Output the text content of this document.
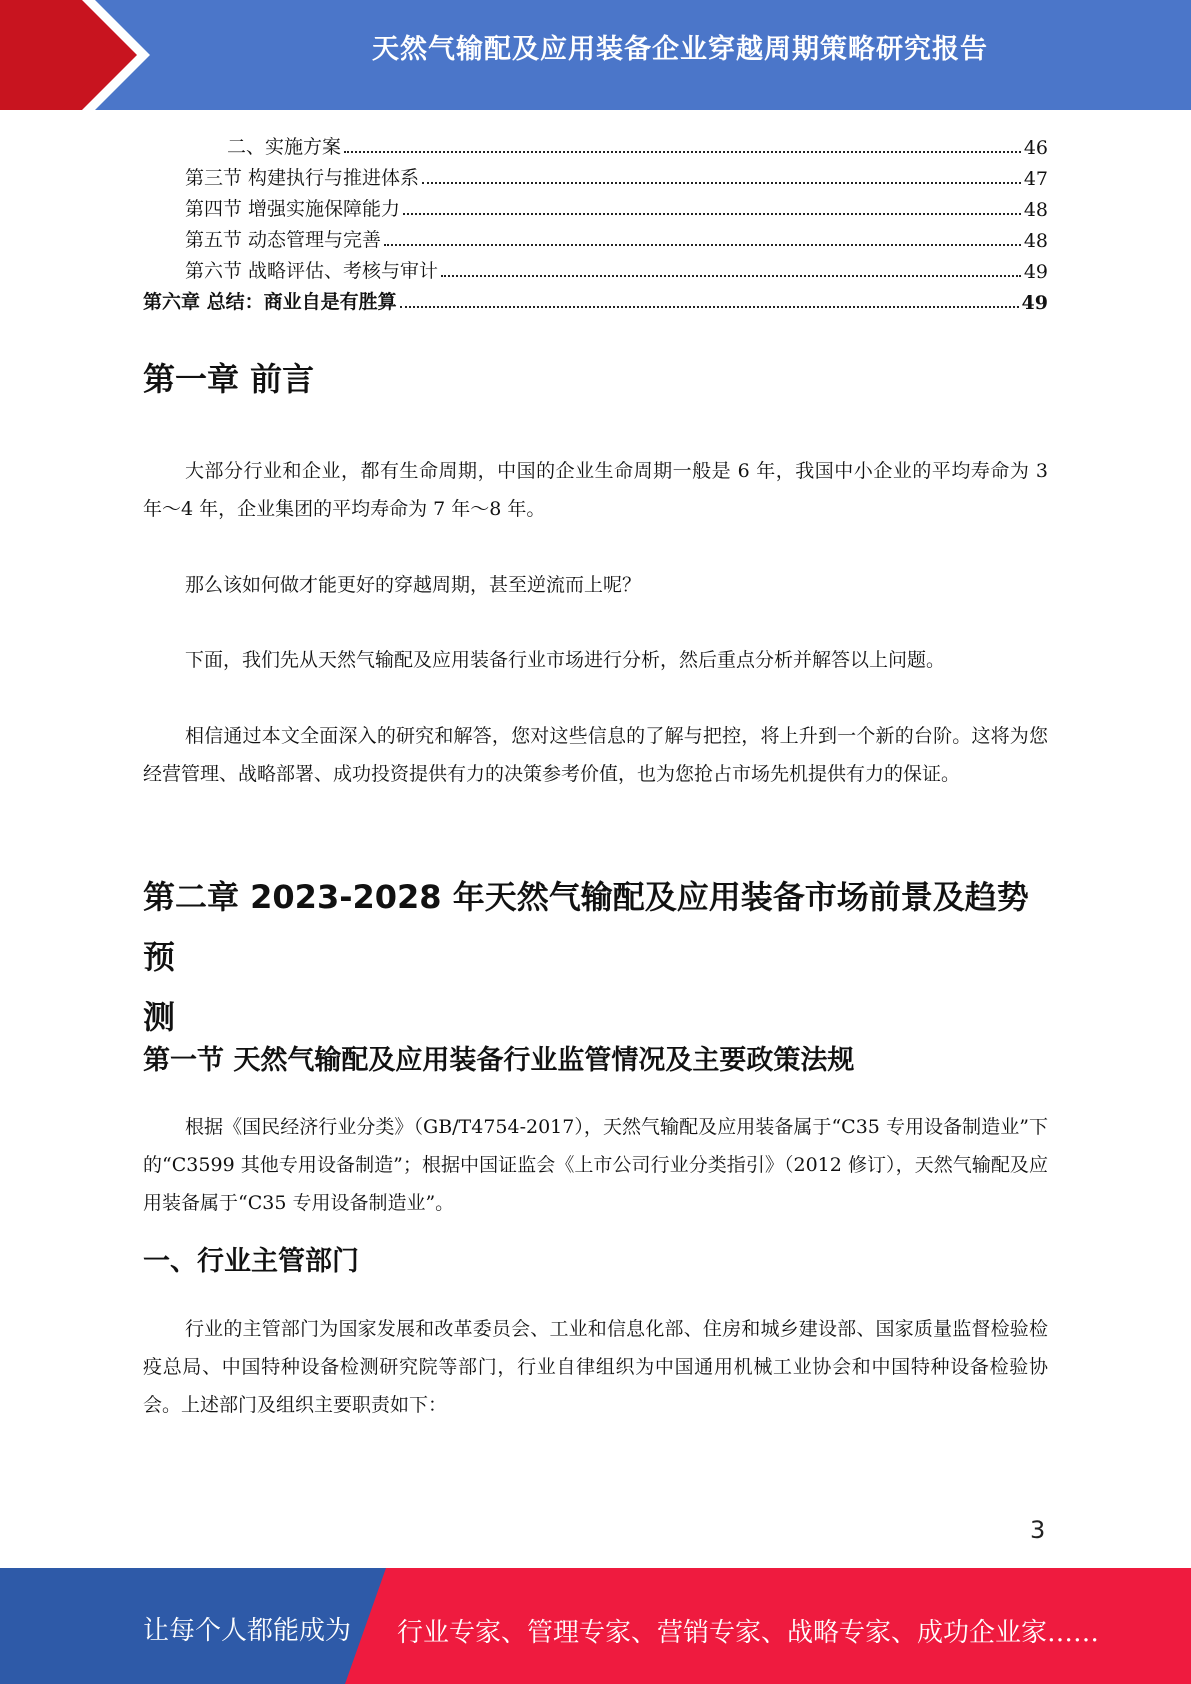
天然气输配及应用装备企业穿越周期策略研究报告
二、实施方案	46
第三节 构建执行与推进体系	47
第四节 增强实施保障能力	48
第五节 动态管理与完善	48
第六节 战略评估、考核与审计	49
第六章 总结：商业自是有胜算	49
第一章 前言

大部分行业和企业，都有生命周期，中国的企业生命周期一般是 6 年，我国中小企业的平均寿命为 3 年～4 年，企业集团的平均寿命为 7 年～8 年。

那么该如何做才能更好的穿越周期，甚至逆流而上呢？

下面，我们先从天然气输配及应用装备行业市场进行分析，然后重点分析并解答以上问题。

相信通过本文全面深入的研究和解答，您对这些信息的了解与把控，将上升到一个新的台阶。这将为您经营管理、战略部署、成功投资提供有力的决策参考价值，也为您抢占市场先机提供有力的保证。

第二章 2023-2028 年天然气输配及应用装备市场前景及趋势预
测
第一节 天然气输配及应用装备行业监管情况及主要政策法规

根据《国民经济行业分类》（GB/T4754-2017），天然气输配及应用装备属于“C35 专用设备制造业”下的“C3599 其他专用设备制造”；根据中国证监会《上市公司行业分类指引》（2012 修订），天然气输配及应用装备属于“C35 专用设备制造业”。

一、行业主管部门

行业的主管部门为国家发展和改革委员会、工业和信息化部、住房和城乡建设部、国家质量监督检验检疫总局、中国特种设备检测研究院等部门，行业自律组织为中国通用机械工业协会和中国特种设备检验协会。上述部门及组织主要职责如下：

3
让每个人都能成为 行业专家、管理专家、营销专家、战略专家、成功企业家……
